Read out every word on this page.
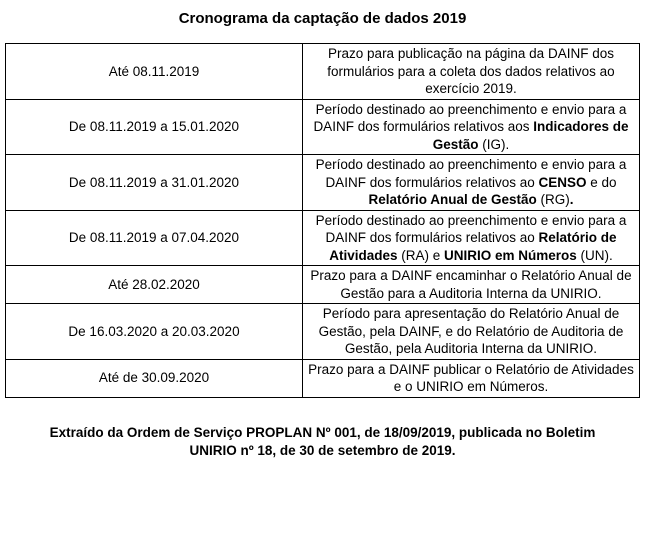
Cronograma da captação de dados 2019
Até 08.11.2019	Prazo para publicação na página da DAINF dos formulários para a coleta dos dados relativos ao exercício 2019.
De 08.11.2019 a 15.01.2020	Período destinado ao preenchimento e envio para a DAINF dos formulários relativos aos Indicadores de Gestão (IG).
De 08.11.2019 a 31.01.2020	Período destinado ao preenchimento e envio para a DAINF dos formulários relativos ao CENSO e do Relatório Anual de Gestão (RG).
De 08.11.2019 a 07.04.2020	Período destinado ao preenchimento e envio para a DAINF dos formulários relativos ao Relatório de Atividades (RA) e UNIRIO em Números (UN).
Até 28.02.2020	Prazo para a DAINF encaminhar o Relatório Anual de Gestão para a Auditoria Interna da UNIRIO.
De 16.03.2020 a 20.03.2020	Período para apresentação do Relatório Anual de Gestão, pela DAINF, e do Relatório de Auditoria de Gestão, pela Auditoria Interna da UNIRIO.
Até de 30.09.2020	Prazo para a DAINF publicar o Relatório de Atividades e o UNIRIO em Números.

Extraído da Ordem de Serviço PROPLAN Nº 001, de 18/09/2019, publicada no Boletim UNIRIO nº 18, de 30 de setembro de 2019.
